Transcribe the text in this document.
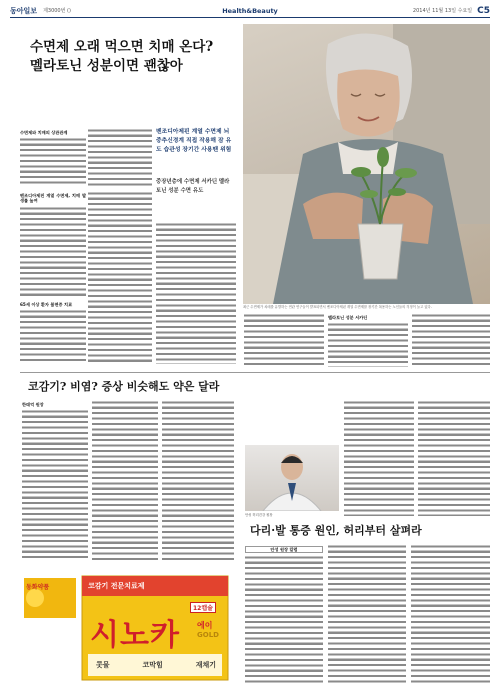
동아일보 제3000번 ()	Health&Beauty	2014년 11월 13일 수요일 C5
수면제 오래 먹으면 치매 온다?
멜라토닌 성분이면 괜찮아
수면제와 치매의 상관관계
벤조디아제핀 계열 수면제, 치매 발생률 높여
65세 이상 환자 불면증 치료
벤조디아제핀 계열 수면제 뇌 중추신경계 직접 작용해 잠 유도 습관성 장기간 사용땐 위험
중장년층에 수면제 서카딘 멜라토닌 성분 수면 유도
최근 수면제가 치매를 유발하는 연관 연구들이 발표되면서 벤조디아제핀 계열 수면제를 장기간 복용하는 노인들의 걱정이 늘고 있다.
멜라토닌 성분 서카딘
코감기? 비염? 증상 비슷해도 약은 달라
한태억 원장
안성 허리건강 원장
다리·발 통증 원인, 허리부터 살펴라
안성 원장 칼럼
동화약품	코감기 전문치료제
12캡슐
시노카 에이
GOLD
콧물	코막힘	재채기
